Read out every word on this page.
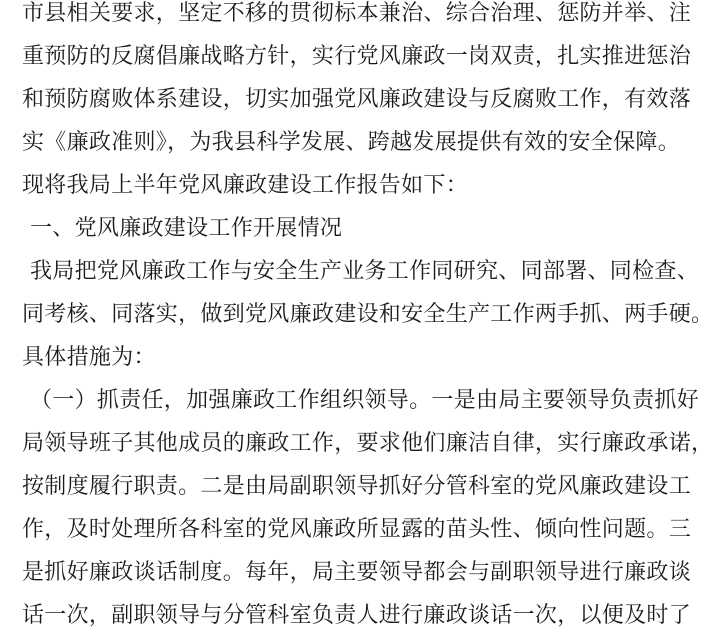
市县相关要求，坚定不移的贯彻标本兼治、综合治理、惩防并举、注
重预防的反腐倡廉战略方针，实行党风廉政一岗双责，扎实推进惩治
和预防腐败体系建设，切实加强党风廉政建设与反腐败工作，有效落
实《廉政准则》，为我县科学发展、跨越发展提供有效的安全保障。
现将我局上半年党风廉政建设工作报告如下：
一、党风廉政建设工作开展情况
我局把党风廉政工作与安全生产业务工作同研究、同部署、同检查、
同考核、同落实，做到党风廉政建设和安全生产工作两手抓、两手硬。
具体措施为：
（一）抓责任，加强廉政工作组织领导。一是由局主要领导负责抓好
局领导班子其他成员的廉政工作，要求他们廉洁自律，实行廉政承诺，
按制度履行职责。二是由局副职领导抓好分管科室的党风廉政建设工
作，及时处理所各科室的党风廉政所显露的苗头性、倾向性问题。三
是抓好廉政谈话制度。每年，局主要领导都会与副职领导进行廉政谈
话一次，副职领导与分管科室负责人进行廉政谈话一次，以便及时了
